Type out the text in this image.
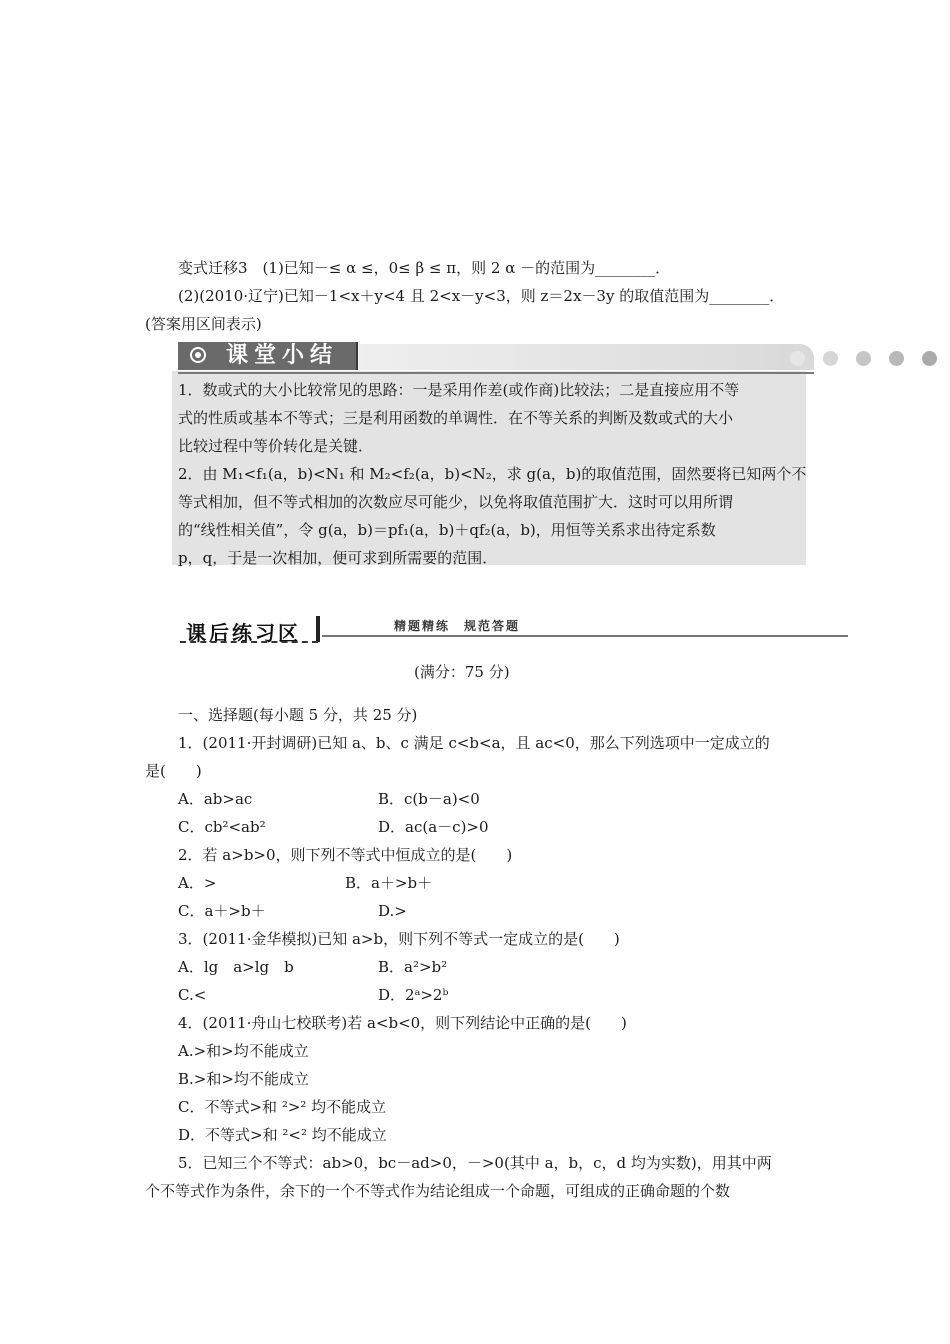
变式迁移3　(1)已知－≤ α ≤，0≤ β ≤ π，则 2 α －的范围为________．
(2)(2010·辽宁)已知－1<x＋y<4 且 2<x－y<3，则 z＝2x－3y 的取值范围为________．
(答案用区间表示)
1．数或式的大小比较常见的思路：一是采用作差(或作商)比较法；二是直接应用不等
式的性质或基本不等式；三是利用函数的单调性．在不等关系的判断及数或式的大小
比较过程中等价转化是关键．
2．由 M₁<f₁(a，b)<N₁ 和 M₂<f₂(a，b)<N₂，求 g(a，b)的取值范围，固然要将已知两个不
等式相加，但不等式相加的次数应尽可能少，以免将取值范围扩大．这时可以用所谓
的“线性相关值”，令 g(a，b)＝pf₁(a，b)＋qf₂(a，b)，用恒等关系求出待定系数
p，q，于是一次相加，便可求到所需要的范围．
课堂小结
课后练习区	精题精练　规范答题
(满分：75 分)
一、选择题(每小题 5 分，共 25 分)
1．(2011·开封调研)已知 a、b、c 满足 c<b<a，且 ac<0，那么下列选项中一定成立的
是(　　)
A．ab>ac	B．c(b－a)<0
C．cb²<ab²	D．ac(a－c)>0
2．若 a>b>0，则下列不等式中恒成立的是(　　)
A．>	B．a＋>b＋
C．a＋>b＋	D.>
3．(2011·金华模拟)已知 a>b，则下列不等式一定成立的是(　　)
A．lg　a>lg　b	B．a²>b²
C.<	D．2ᵃ>2ᵇ
4．(2011·舟山七校联考)若 a<b<0，则下列结论中正确的是(　　)
A.>和>均不能成立
B.>和>均不能成立
C．不等式>和 ²>² 均不能成立
D．不等式>和 ²<² 均不能成立
5．已知三个不等式：ab>0，bc－ad>0，－>0(其中 a，b，c，d 均为实数)，用其中两
个不等式作为条件，余下的一个不等式作为结论组成一个命题，可组成的正确命题的个数
